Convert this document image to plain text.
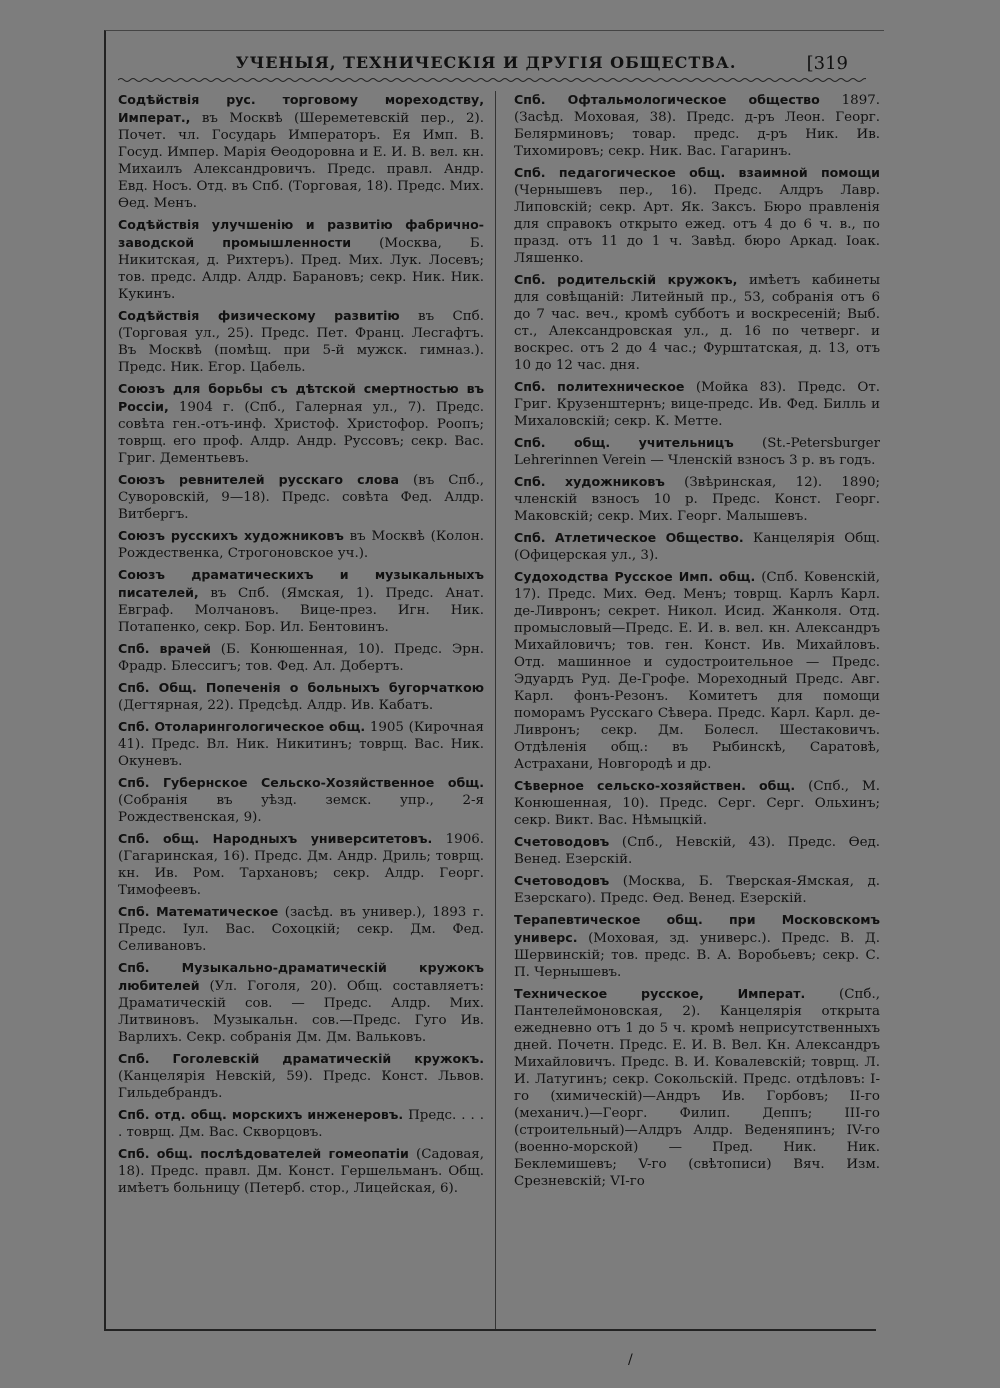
УЧЕНЫЯ, ТЕХНИЧЕСКІЯ И ДРУГІЯ ОБЩЕСТВА.	[319

Содѣйствія рус. торговому мореходству, Императ., въ Москвѣ (Шереметевскій пер., 2). Почет. чл. Государь Императоръ. Ея Имп. В. Госуд. Импер. Марія Ѳеодоровна и Е. И. В. вел. кн. Михаилъ Александровичъ. Предс. правл. Андр. Евд. Носъ. Отд. въ Спб. (Торговая, 18). Предс. Мих. Ѳед. Менъ.

Содѣйствія улучшенію и развитію фабрично-заводской промышленности (Москва, Б. Никитская, д. Рихтеръ). Пред. Мих. Лук. Лосевъ; тов. предс. Алдр. Алдр. Барановъ; секр. Ник. Ник. Кукинъ.

Содѣйствія физическому развитію въ Спб. (Торговая ул., 25). Предс. Пет. Франц. Лесгафтъ. Въ Москвѣ (помѣщ. при 5-й мужск. гимназ.). Предс. Ник. Егор. Цабель.

Союзъ для борьбы съ дѣтской смертностью въ Россіи, 1904 г. (Спб., Галерная ул., 7). Предс. совѣта ген.-отъ-инф. Христоф. Христофор. Роопъ; товрщ. его проф. Алдр. Андр. Руссовъ; секр. Вас. Григ. Дементьевъ.

Союзъ ревнителей русскаго слова (въ Спб., Суворовскій, 9—18). Предс. совѣта Фед. Алдр. Витбергъ.

Союзъ русскихъ художниковъ въ Москвѣ (Колон. Рождественка, Строгоновское уч.).

Союзъ драматическихъ и музыкальныхъ писателей, въ Спб. (Ямская, 1). Предс. Анат. Евграф. Молчановъ. Вице-през. Игн. Ник. Потапенко, секр. Бор. Ил. Бентовинъ.

Спб. врачей (Б. Конюшенная, 10). Предс. Эрн. Фрадр. Блессигъ; тов. Фед. Ал. Добертъ.

Спб. Общ. Попеченія о больныхъ бугорчаткою (Дегтярная, 22). Предсѣд. Алдр. Ив. Кабатъ.

Спб. Отоларингологическое общ. 1905 (Кирочная 41). Предс. Вл. Ник. Никитинъ; товрщ. Вас. Ник. Окуневъ.

Спб. Губернское Сельско-Хозяйственное общ. (Собранія въ уѣзд. земск. упр., 2-я Рождественская, 9).

Спб. общ. Народныхъ университетовъ. 1906. (Гагаринская, 16). Предс. Дм. Андр. Дриль; товрщ. кн. Ив. Ром. Тархановъ; секр. Алдр. Георг. Тимофеевъ.

Спб. Математическое (засѣд. въ универ.), 1893 г. Предс. Іул. Вас. Сохоцкій; секр. Дм. Фед. Селивановъ.

Спб. Музыкально-драматическій кружокъ любителей (Ул. Гоголя, 20). Общ. составляетъ: Драматическій сов. — Предс. Алдр. Мих. Литвиновъ. Музыкальн. сов.—Предс. Гуго Ив. Варлихъ. Секр. собранія Дм. Дм. Вальковъ.

Спб. Гоголевскій драматическій кружокъ. (Канцелярія Невскій, 59). Предс. Конст. Львов. Гильдебрандъ.

Спб. отд. общ. морскихъ инженеровъ. Предс. . . . . товрщ. Дм. Вас. Скворцовъ.

Спб. общ. послѣдователей гомеопатіи (Садовая, 18). Предс. правл. Дм. Конст. Гершельманъ. Общ. имѣетъ больницу (Петерб. стор., Лицейская, 6).

Спб. Офтальмологическое общество 1897. (Засѣд. Моховая, 38). Предс. д-ръ Леон. Георг. Белярминовъ; товар. предс. д-ръ Ник. Ив. Тихомировъ; секр. Ник. Вас. Гагаринъ.

Спб. педагогическое общ. взаимной помощи (Чернышевъ пер., 16). Предс. Алдръ Лавр. Липовскій; секр. Арт. Як. Заксъ. Бюро правленія для справокъ открыто ежед. отъ 4 до 6 ч. в., по празд. отъ 11 до 1 ч. Завѣд. бюро Аркад. Іоак. Ляшенко.

Спб. родительскій кружокъ, имѣетъ кабинеты для совѣщаній: Литейный пр., 53, собранія отъ 6 до 7 час. веч., кромѣ субботъ и воскресеній; Выб. ст., Александровская ул., д. 16 по четверг. и воскрес. отъ 2 до 4 час.; Фурштатская, д. 13, отъ 10 до 12 час. дня.

Спб. политехническое (Мойка 83). Предс. От. Григ. Крузенштернъ; вице-предс. Ив. Фед. Билль и Михаловскій; секр. К. Метте.

Спб. общ. учительницъ (St.-Petersburger Lehrerinnen Verein — Членскій взносъ 3 р. въ годъ.

Спб. художниковъ (Звѣринская, 12). 1890; членскій взносъ 10 р. Предс. Конст. Георг. Маковскій; секр. Мих. Георг. Малышевъ.

Спб. Атлетическое Общество. Канцелярія Общ. (Офицерская ул., 3).

Судоходства Русское Имп. общ. (Спб. Ковенскій, 17). Предс. Мих. Ѳед. Менъ; товрщ. Карлъ Карл. де-Ливронъ; секрет. Никол. Исид. Жанколя. Отд. промысловый—Предс. Е. И. в. вел. кн. Александръ Михайловичъ; тов. ген. Конст. Ив. Михайловъ. Отд. машинное и судостроительное — Предс. Эдуардъ Руд. Де-Грофе. Мореходный Предс. Авг. Карл. фонъ-Резонъ. Комитетъ для помощи поморамъ Русскаго Сѣвера. Предс. Карл. Карл. де-Ливронъ; секр. Дм. Болесл. Шестаковичъ. Отдѣленія общ.: въ Рыбинскѣ, Саратовѣ, Астрахани, Новгородѣ и др.

Сѣверное сельско-хозяйствен. общ. (Спб., М. Конюшенная, 10). Предс. Серг. Серг. Ольхинъ; секр. Викт. Вас. Нѣмыцкій.

Счетоводовъ (Спб., Невскій, 43). Предс. Ѳед. Венед. Езерскій.

Счетоводовъ (Москва, Б. Тверская-Ямская, д. Езерскаго). Предс. Ѳед. Венед. Езерскій.

Терапевтическое общ. при Московскомъ универс. (Моховая, зд. универс.). Предс. В. Д. Шервинскій; тов. предс. В. А. Воробьевъ; секр. С. П. Чернышевъ.

Техническое русское, Императ. (Спб., Пантелеймоновская, 2). Канцелярія открыта ежедневно отъ 1 до 5 ч. кромѣ неприсутственныхъ дней. Почетн. Предс. Е. И. В. Вел. Кн. Александръ Михайловичъ. Предс. В. И. Ковалевскій; товрщ. Л. И. Латугинъ; секр. Сокольскій. Предс. отдѣловъ: I-го (химическій)—Андръ Ив. Горбовъ; II-го (механич.)—Георг. Филип. Деппъ; III-го (строительный)—Алдръ Алдр. Веденяпинъ; IV-го (военно-морской) — Пред. Ник. Ник. Беклемишевъ; V-го (свѣтописи) Вяч. Изм. Срезневскій; VI-го

/
